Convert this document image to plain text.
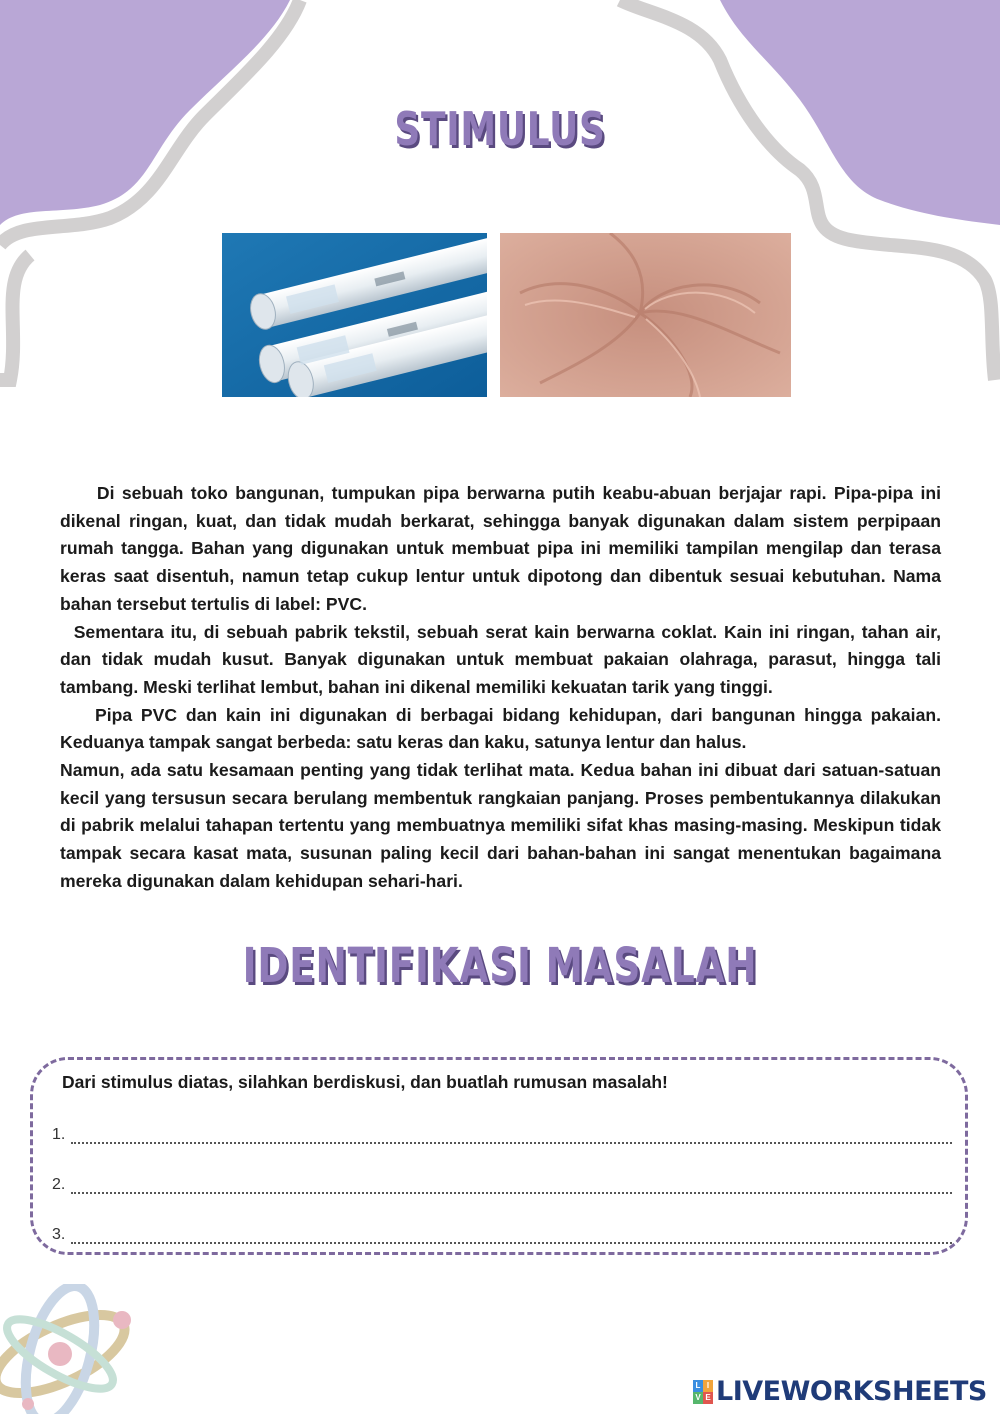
STIMULUS

Di sebuah toko bangunan, tumpukan pipa berwarna putih keabu-abuan berjajar rapi. Pipa-pipa ini dikenal ringan, kuat, dan tidak mudah berkarat, sehingga banyak digunakan dalam sistem perpipaan rumah tangga. Bahan yang digunakan untuk membuat pipa ini memiliki tampilan mengilap dan terasa keras saat disentuh, namun tetap cukup lentur untuk dipotong dan dibentuk sesuai kebutuhan. Nama bahan tersebut tertulis di label: PVC.

Sementara itu, di sebuah pabrik tekstil, sebuah serat kain berwarna coklat. Kain ini ringan, tahan air, dan tidak mudah kusut. Banyak digunakan untuk membuat pakaian olahraga, parasut, hingga tali tambang. Meski terlihat lembut, bahan ini dikenal memiliki kekuatan tarik yang tinggi.

Pipa PVC dan kain ini digunakan di berbagai bidang kehidupan, dari bangunan hingga pakaian. Keduanya tampak sangat berbeda: satu keras dan kaku, satunya lentur dan halus.

Namun, ada satu kesamaan penting yang tidak terlihat mata. Kedua bahan ini dibuat dari satuan-satuan kecil yang tersusun secara berulang membentuk rangkaian panjang. Proses pembentukannya dilakukan di pabrik melalui tahapan tertentu yang membuatnya memiliki sifat khas masing-masing. Meskipun tidak tampak secara kasat mata, susunan paling kecil dari bahan-bahan ini sangat menentukan bagaimana mereka digunakan dalam kehidupan sehari-hari.

IDENTIFIKASI MASALAH
Dari stimulus diatas, silahkan berdiskusi, dan buatlah rumusan masalah!
1.
2.
3.
L I
V E LIVEWORKSHEETS
